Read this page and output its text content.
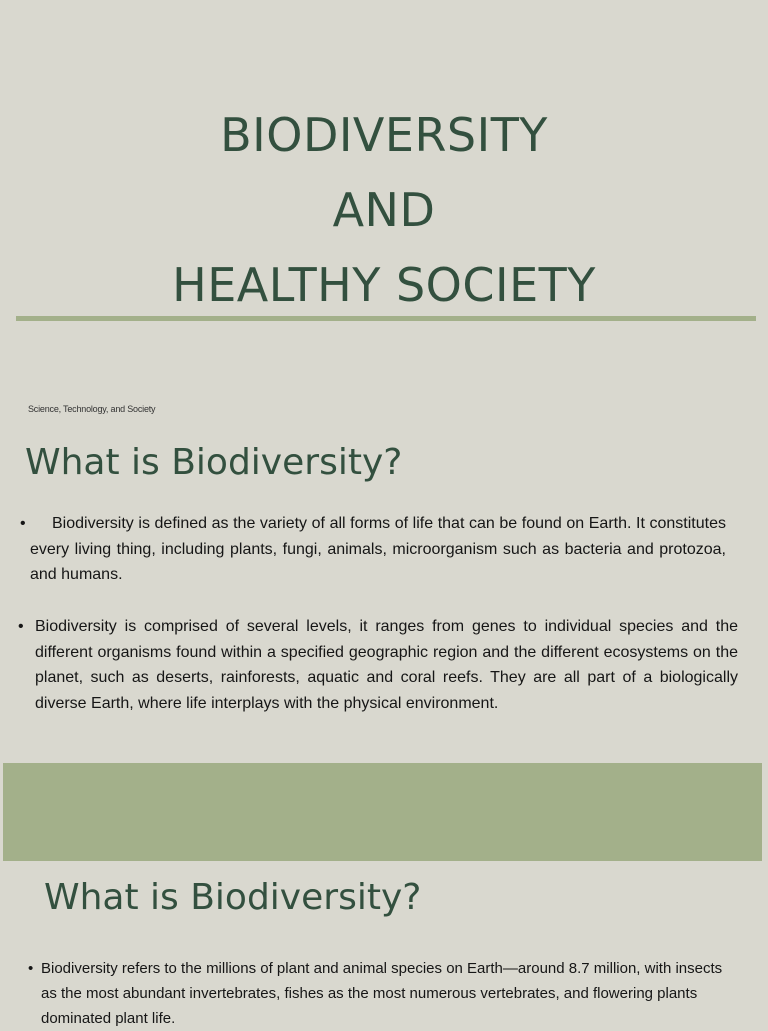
BIODIVERSITY
AND
HEALTHY SOCIETY
Science, Technology, and Society
What is Biodiversity?
•	Biodiversity is defined as the variety of all forms of life that can be found on Earth. It constitutes every living thing, including plants, fungi, animals, microorganism such as bacteria and protozoa, and humans.
• Biodiversity is comprised of several levels, it ranges from genes to individual species and the different organisms found within a specified geographic region and the different ecosystems on the planet, such as deserts, rainforests, aquatic and coral reefs. They are all part of a biologically diverse Earth, where life interplays with the physical environment.
What is Biodiversity?
• Biodiversity refers to the millions of plant and animal species on Earth—around 8.7 million, with insects as the most abundant invertebrates, fishes as the most numerous vertebrates, and flowering plants dominated plant life.
